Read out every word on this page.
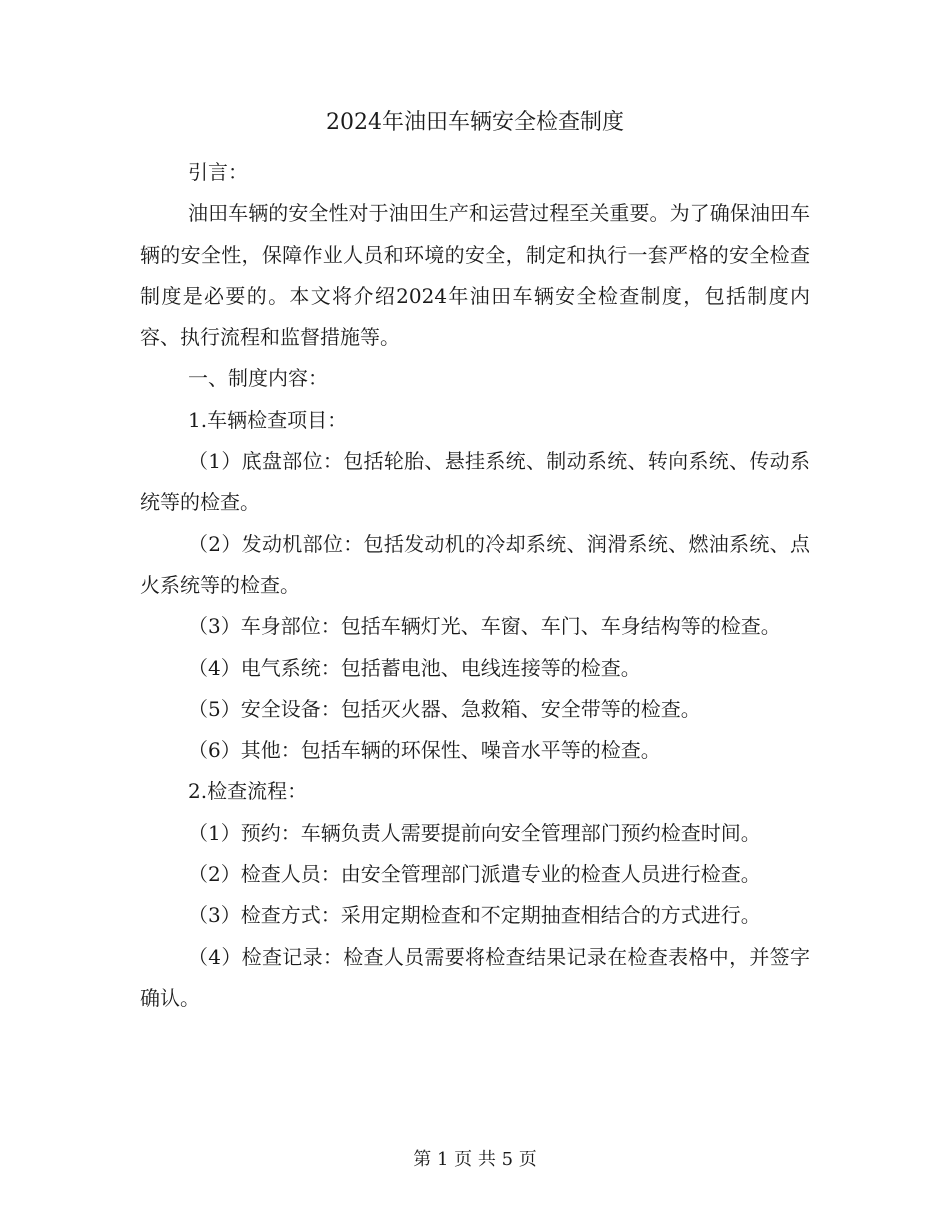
2024年油田车辆安全检查制度

引言：

油田车辆的安全性对于油田生产和运营过程至关重要。为了确保油田车辆的安全性，保障作业人员和环境的安全，制定和执行一套严格的安全检查制度是必要的。本文将介绍2024年油田车辆安全检查制度，包括制度内容、执行流程和监督措施等。

一、制度内容：

1.车辆检查项目：

（1）底盘部位：包括轮胎、悬挂系统、制动系统、转向系统、传动系统等的检查。

（2）发动机部位：包括发动机的冷却系统、润滑系统、燃油系统、点火系统等的检查。

（3）车身部位：包括车辆灯光、车窗、车门、车身结构等的检查。

（4）电气系统：包括蓄电池、电线连接等的检查。

（5）安全设备：包括灭火器、急救箱、安全带等的检查。

（6）其他：包括车辆的环保性、噪音水平等的检查。

2.检查流程：

（1）预约：车辆负责人需要提前向安全管理部门预约检查时间。

（2）检查人员：由安全管理部门派遣专业的检查人员进行检查。

（3）检查方式：采用定期检查和不定期抽查相结合的方式进行。

（4）检查记录：检查人员需要将检查结果记录在检查表格中，并签字确认。

第 1 页 共 5 页
